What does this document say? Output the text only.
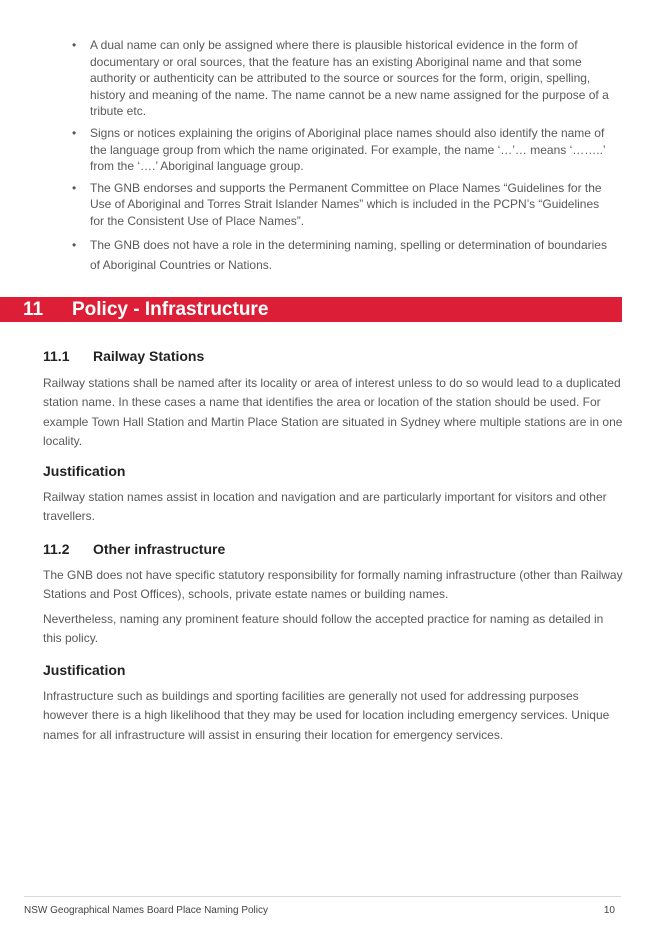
• A dual name can only be assigned where there is plausible historical evidence in the form of documentary or oral sources, that the feature has an existing Aboriginal name and that some authority or authenticity can be attributed to the source or sources for the form, origin, spelling, history and meaning of the name. The name cannot be a new name assigned for the purpose of a tribute etc.
• Signs or notices explaining the origins of Aboriginal place names should also identify the name of the language group from which the name originated. For example, the name ‘…’… means ‘……..’ from the ‘….’ Aboriginal language group.
• The GNB endorses and supports the Permanent Committee on Place Names “Guidelines for the Use of Aboriginal and Torres Strait Islander Names” which is included in the PCPN’s “Guidelines for the Consistent Use of Place Names”.
• The GNB does not have a role in the determining naming, spelling or determination of boundaries of Aboriginal Countries or Nations.
11 Policy - Infrastructure
11.1 Railway Stations
Railway stations shall be named after its locality or area of interest unless to do so would lead to a duplicated station name. In these cases a name that identifies the area or location of the station should be used. For example Town Hall Station and Martin Place Station are situated in Sydney where multiple stations are in one locality.
Justification
Railway station names assist in location and navigation and are particularly important for visitors and other travellers.
11.2 Other infrastructure
The GNB does not have specific statutory responsibility for formally naming infrastructure (other than Railway Stations and Post Offices), schools, private estate names or building names.
Nevertheless, naming any prominent feature should follow the accepted practice for naming as detailed in this policy.
Justification
Infrastructure such as buildings and sporting facilities are generally not used for addressing purposes however there is a high likelihood that they may be used for location including emergency services. Unique names for all infrastructure will assist in ensuring their location for emergency services.
NSW Geographical Names Board Place Naming Policy	10
